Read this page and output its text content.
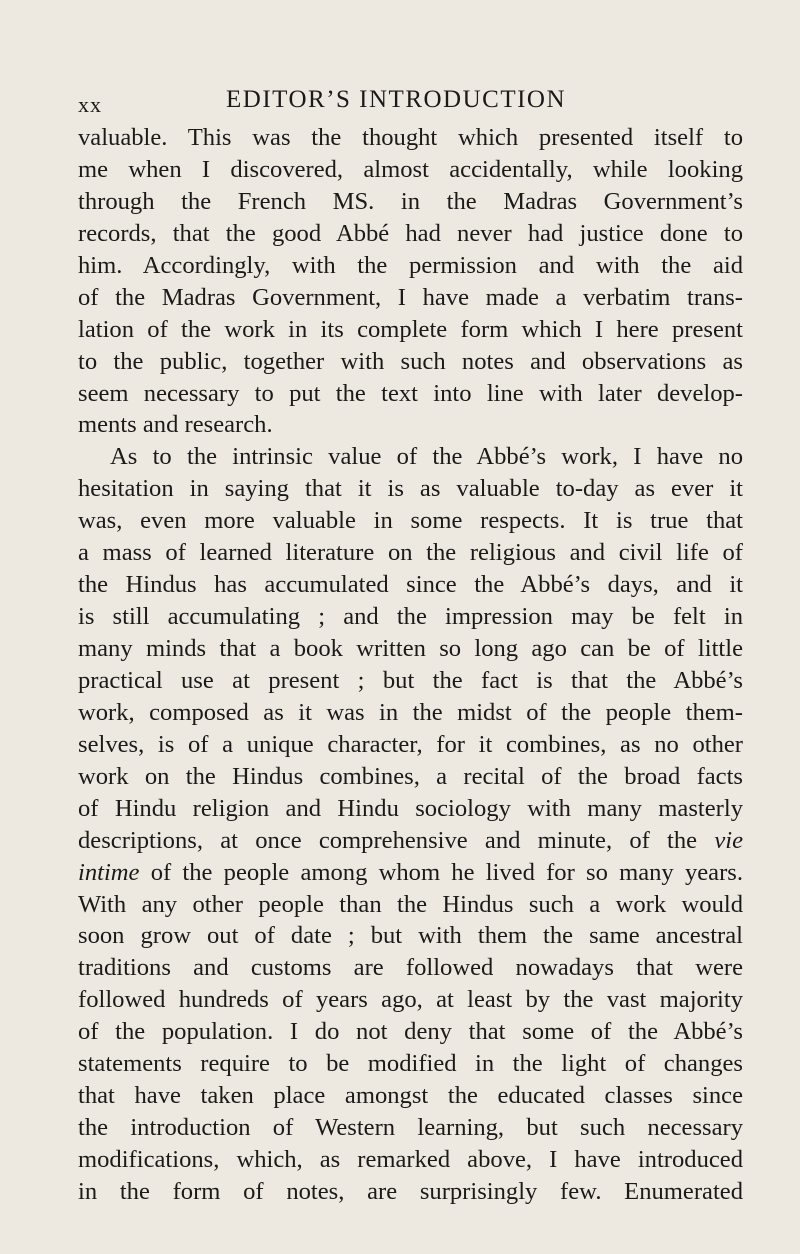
xx	EDITOR’S INTRODUCTION
valuable. This was the thought which presented itself to
me when I discovered, almost accidentally, while looking
through the French MS. in the Madras Government’s
records, that the good Abbé had never had justice done to
him. Accordingly, with the permission and with the aid
of the Madras Government, I have made a verbatim trans-
lation of the work in its complete form which I here present
to the public, together with such notes and observations as
seem necessary to put the text into line with later develop-
ments and research.
As to the intrinsic value of the Abbé’s work, I have no
hesitation in saying that it is as valuable to-day as ever it
was, even more valuable in some respects. It is true that
a mass of learned literature on the religious and civil life of
the Hindus has accumulated since the Abbé’s days, and it
is still accumulating ; and the impression may be felt in
many minds that a book written so long ago can be of little
practical use at present ; but the fact is that the Abbé’s
work, composed as it was in the midst of the people them-
selves, is of a unique character, for it combines, as no other
work on the Hindus combines, a recital of the broad facts
of Hindu religion and Hindu sociology with many masterly
descriptions, at once comprehensive and minute, of the vie
intime of the people among whom he lived for so many years.
With any other people than the Hindus such a work would
soon grow out of date ; but with them the same ancestral
traditions and customs are followed nowadays that were
followed hundreds of years ago, at least by the vast majority
of the population. I do not deny that some of the Abbé’s
statements require to be modified in the light of changes
that have taken place amongst the educated classes since
the introduction of Western learning, but such necessary
modifications, which, as remarked above, I have introduced
in the form of notes, are surprisingly few. Enumerated
